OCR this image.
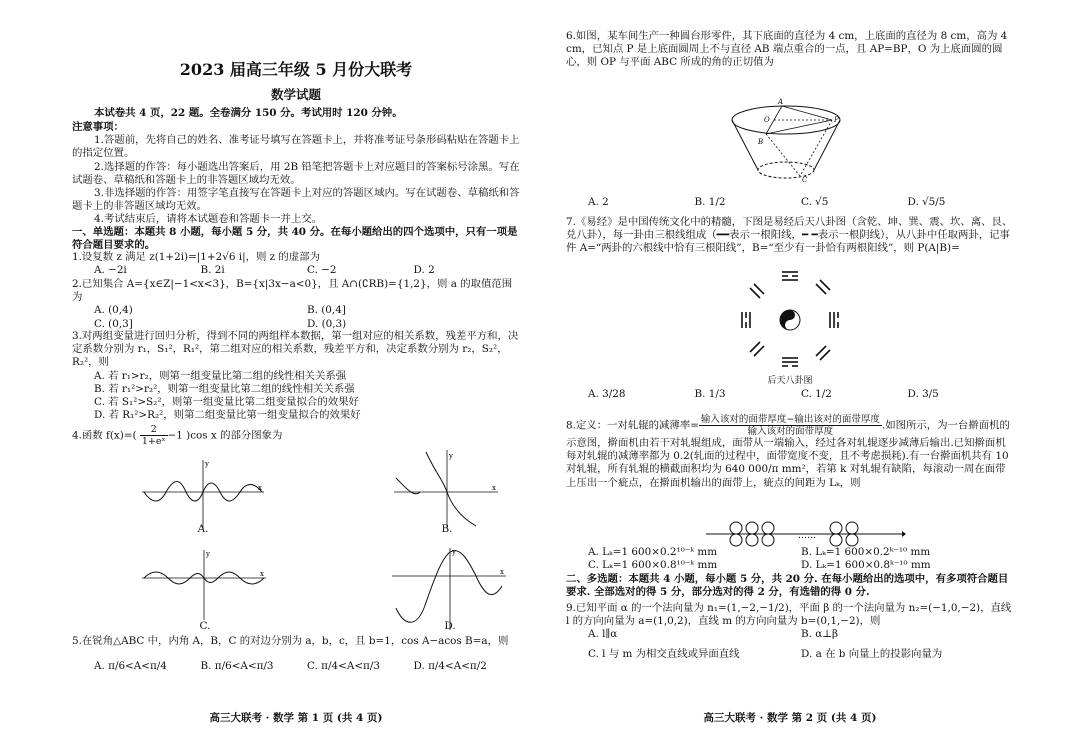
2023 届高三年级 5 月份大联考
数学试题
本试卷共 4 页，22 题。全卷满分 150 分。考试用时 120 分钟。
注意事项：
1.答题前，先将自己的姓名、准考证号填写在答题卡上，并将准考证号条形码粘贴在答题卡上的指定位置。
2.选择题的作答：每小题选出答案后，用 2B 铅笔把答题卡上对应题目的答案标号涂黑。写在试题卷、草稿纸和答题卡上的非答题区域均无效。
3.非选择题的作答：用签字笔直接写在答题卡上对应的答题区域内。写在试题卷、草稿纸和答题卡上的非答题区域均无效。
4.考试结束后，请将本试题卷和答题卡一并上交。
一、单选题：本题共 8 小题，每小题 5 分，共 40 分。在每小题给出的四个选项中，只有一项是符合题目要求的。
1.设复数 z 满足 z(1+2i)=|1+2√6 i|，则 z 的虚部为
A. −2i	B. 2i	C. −2	D. 2
2.已知集合 A={x∈Z|−1<x<3}，B={x|3x−a<0}，且 A∩(∁RB)={1,2}，则 a 的取值范围为
A. (0,4)	B. (0,4]
C. (0,3]	D. (0,3)
3.对两组变量进行回归分析，得到不同的两组样本数据，第一组对应的相关系数，残差平方和，决定系数分别为 r₁，S₁²，R₁²，第二组对应的相关系数，残差平方和，决定系数分别为 r₂，S₂²，R₂²，则
A. 若 r₁>r₂，则第一组变量比第二组的线性相关关系强
B. 若 r₁²>r₂²，则第一组变量比第二组的线性相关关系强
C. 若 S₁²>S₂²，则第一组变量比第二组变量拟合的效果好
D. 若 R₁²>R₂²，则第二组变量比第一组变量拟合的效果好
4.函数 $f(x)=( \frac{2}{\text{1+eˣ}} -1$ )cos x 的部分图象为
y
x
A.
y
x
B.
y
x
C.
y
x
D.
5.在锐角△ABC 中，内角 A，B，C 的对边分别为 a，b，c，且 b=1，cos A−acos B=a，则
A. π/6<A<π/4	B. π/6<A<π/3	C. π/4<A<π/3	D. π/4<A<π/2
高三大联考 · 数学 第 1 页 (共 4 页)
6.如图，某车间生产一种圆台形零件，其下底面的直径为 4 cm，上底面的直径为 8 cm，高为 4 cm，已知点 P 是上底面圆周上不与直径 AB 端点重合的一点，且 AP=BP，O 为上底面圆的圆心，则 OP 与平面 ABC 所成的角的正切值为
A
O	P
B
C
A. 2	B. 1/2	C. √5	D. √5/5
7.《易经》是中国传统文化中的精髓，下图是易经后天八卦图（含乾、坤、巽、震、坎、离、艮、兑八卦），每一卦由三根线组成（━━表示一根阳线，━ ━表示一根阴线），从八卦中任取两卦，记事件 A=“两卦的六根线中恰有三根阳线”，B=“至少有一卦恰有两根阳线”，则 P(A|B)=
后天八卦图
A. 3/28	B. 1/3	C. 1/2	D. 3/5
8.定义：一对轧辊的减薄率= $\frac{\text{输入该对的面带厚度−输出该对的面带厚度}}{\text{输入该对的面带厚度}}$ .如图所示，为一台擀面机的示意图，擀面机由若干对轧辊组成，面带从一端输入，经过各对轧辊逐步减薄后输出.已知擀面机每对轧辊的减薄率都为 0.2(轧面的过程中，面带宽度不变，且不考虑损耗).有一台擀面机共有 10 对轧辊，所有轧辊的横截面积均为 640 000/π mm²，若第 k 对轧辊有缺陷，每滚动一周在面带上压出一个疵点，在擀面机输出的面带上，疵点的间距为 Lₖ，则
……
A. Lₖ=1 600×0.2¹⁰⁻ᵏ mm	B. Lₖ=1 600×0.2ᵏ⁻¹⁰ mm
C. Lₖ=1 600×0.8¹⁰⁻ᵏ mm	D. Lₖ=1 600×0.8ᵏ⁻¹⁰ mm
二、多选题：本题共 4 小题，每小题 5 分，共 20 分. 在每小题给出的选项中，有多项符合题目要求. 全部选对的得 5 分，部分选对的得 2 分，有选错的得 0 分.
9.已知平面 α 的一个法向量为 n₁=(1,−2,−1/2)，平面 β 的一个法向量为 n₂=(−1,0,−2)，直线 l 的方向向量为 a=(1,0,2)，直线 m 的方向向量为 b=(0,1,−2)，则
A. l∥α	B. α⊥β
C. l 与 m 为相交直线或异面直线	D. a 在 b 向量上的投影向量为
高三大联考 · 数学 第 2 页 (共 4 页)
